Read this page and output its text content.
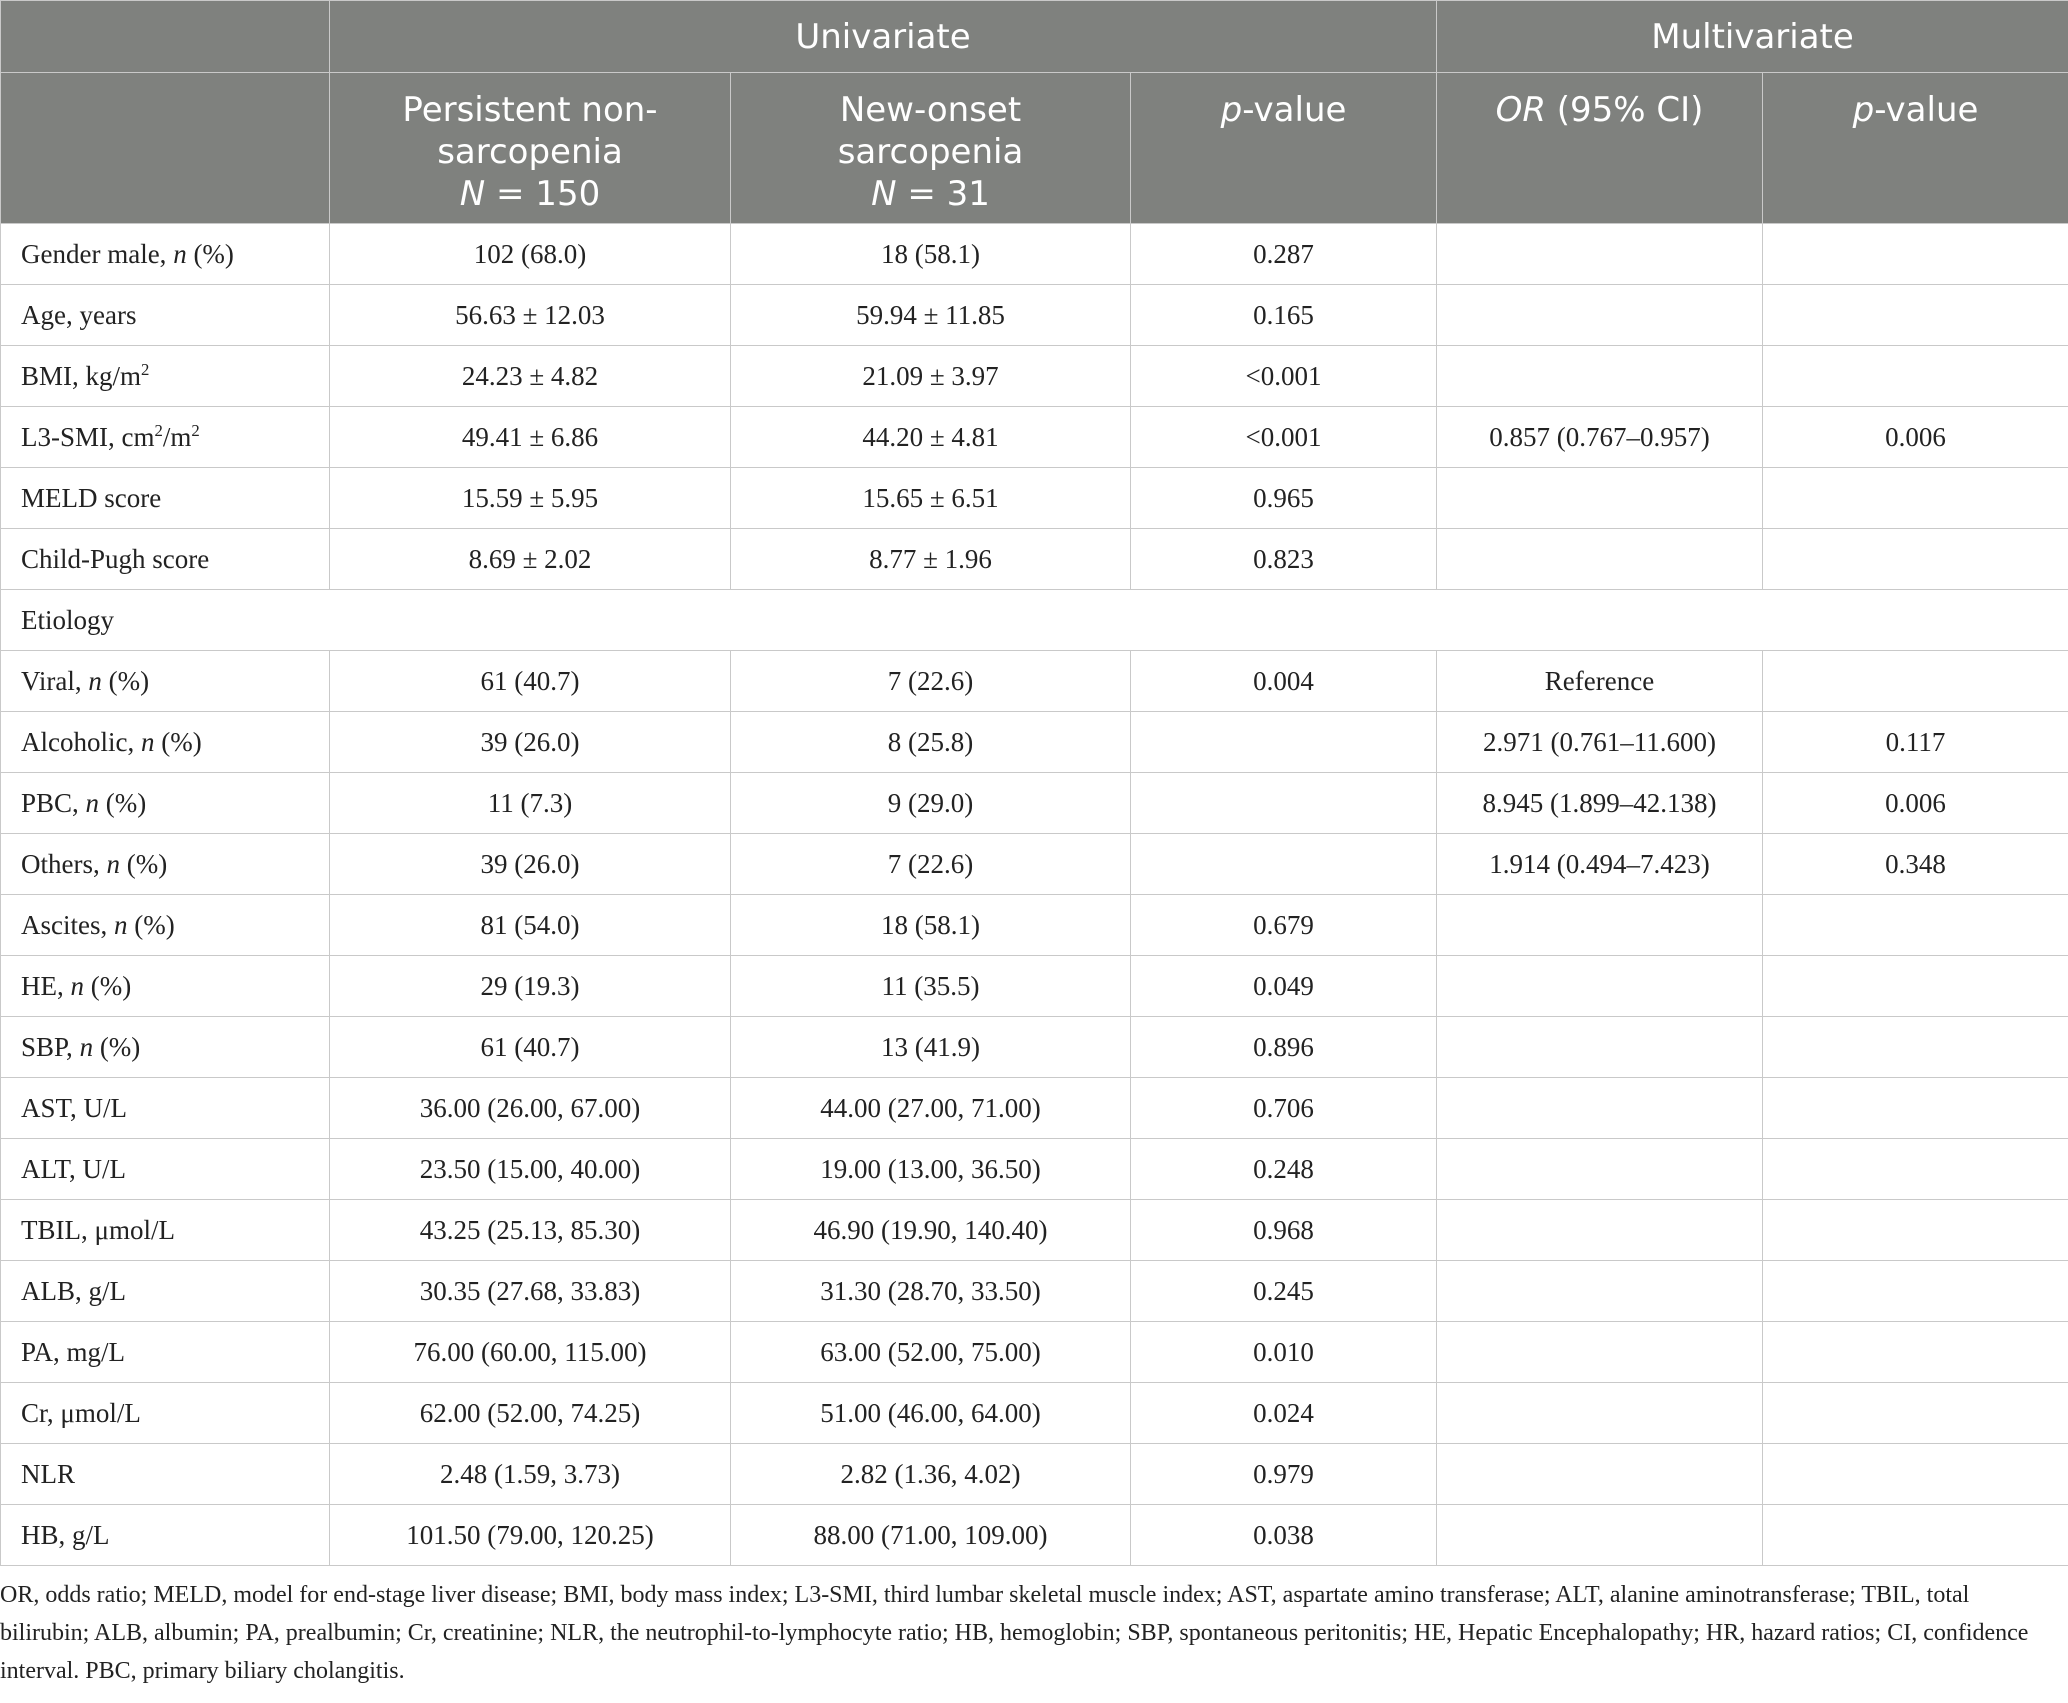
	Univariate			Multivariate	
	Persistent non-
sarcopenia
N = 150	New-onset
sarcopenia
N = 31	p-value	OR (95% CI)	p-value
Gender male, n (%)	102 (68.0)	18 (58.1)	0.287		
Age, years	56.63 ± 12.03	59.94 ± 11.85	0.165		
BMI, $kg/m^2$	24.23 ± 4.82	21.09 ± 3.97	<0.001		
L3-SMI, $cm^2/m^2$	49.41 ± 6.86	44.20 ± 4.81	<0.001	0.857 (0.767–0.957)	0.006
MELD score	15.59 ± 5.95	15.65 ± 6.51	0.965		
Child-Pugh score	8.69 ± 2.02	8.77 ± 1.96	0.823		
Etiology					
Viral, n (%)	61 (40.7)	7 (22.6)	0.004	Reference	
Alcoholic, n (%)	39 (26.0)	8 (25.8)		2.971 (0.761–11.600)	0.117
PBC, n (%)	11 (7.3)	9 (29.0)		8.945 (1.899–42.138)	0.006
Others, n (%)	39 (26.0)	7 (22.6)		1.914 (0.494–7.423)	0.348
Ascites, n (%)	81 (54.0)	18 (58.1)	0.679		
HE, n (%)	29 (19.3)	11 (35.5)	0.049		
SBP, n (%)	61 (40.7)	13 (41.9)	0.896		
AST, U/L	36.00 (26.00, 67.00)	44.00 (27.00, 71.00)	0.706		
ALT, U/L	23.50 (15.00, 40.00)	19.00 (13.00, 36.50)	0.248		
TBIL, μmol/L	43.25 (25.13, 85.30)	46.90 (19.90, 140.40)	0.968		
ALB, g/L	30.35 (27.68, 33.83)	31.30 (28.70, 33.50)	0.245		
PA, mg/L	76.00 (60.00, 115.00)	63.00 (52.00, 75.00)	0.010		
Cr, μmol/L	62.00 (52.00, 74.25)	51.00 (46.00, 64.00)	0.024		
NLR	2.48 (1.59, 3.73)	2.82 (1.36, 4.02)	0.979		
HB, g/L	101.50 (79.00, 120.25)	88.00 (71.00, 109.00)	0.038		

OR, odds ratio; MELD, model for end-stage liver disease; BMI, body mass index; L3-SMI, third lumbar skeletal muscle index; AST, aspartate amino transferase; ALT, alanine aminotransferase; TBIL, total bilirubin; ALB, albumin; PA, prealbumin; Cr, creatinine; NLR, the neutrophil-to-lymphocyte ratio; HB, hemoglobin; SBP, spontaneous peritonitis; HE, Hepatic Encephalopathy; HR, hazard ratios; CI, confidence interval. PBC, primary biliary cholangitis.
